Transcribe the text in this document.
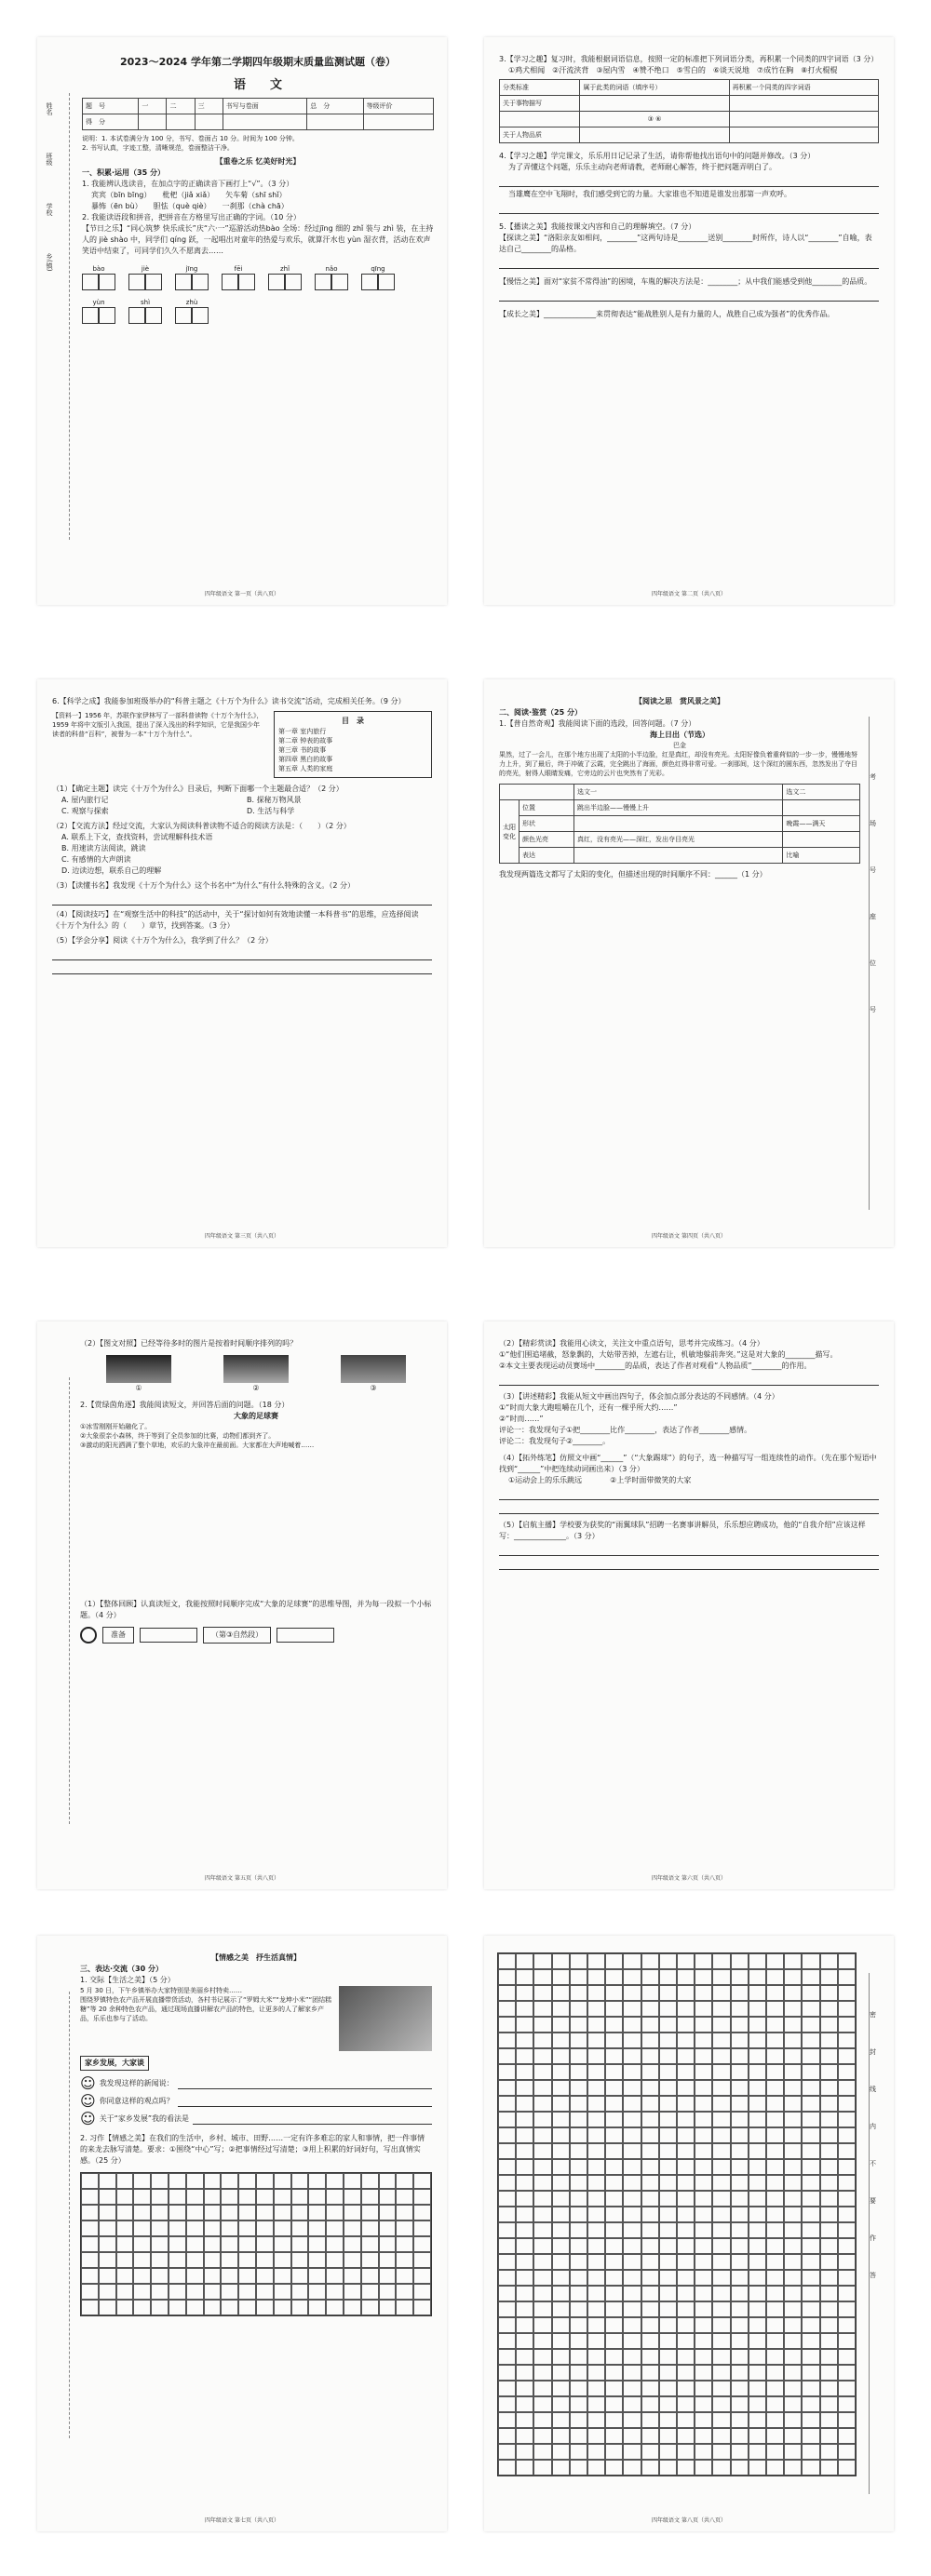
姓名
班级
学校
乡(镇)
2023～2024 学年第二学期四年级期末质量监测试题（卷）
语　　文
题　号	一	二	三	书写与卷面	总　分	等级评价
得　分						
说明：1. 本试卷满分为 100 分，书写、卷面占 10 分。时间为 100 分钟。
2. 书写认真，字迹工整，清晰规范，卷面整洁干净。
【重卷之乐 忆美好时光】
一、积累·运用（35 分）
1. 我能辨认选读音，在加点字的正确读音下画打上“√”。（3 分）
宾宾（bīn bīng）　　枇杷（jiǎ xiǎ）　　矢车菊（shī shǐ）
暴怖（ēn bù）　　胆怯（què qiè）　　一刹那（chà chā）
2. 我能读语段和拼音，把拼音在方格里写出正确的字词。（10 分）
【节日之乐】“同心筑梦 快乐成长”庆“六·一”巡游活动热bào 全场：经过jīng 细的 zhǐ 装与 zhì 装，在主持人的 jiè shào 中，同学们 qíng 跃，一起唱出对童年的热爱与欢乐，就算汗水也 yùn 湿衣背，活动在欢声笑语中结束了，可同学们久久不愿离去……
bào	jiè	jīng	fēi	zhǐ	nǎo	qīng
yùn	shì	zhù
四年级语文 第一页（共八页）
3.【学习之趣】复习时，我能根据词语信息，按照一定的标准把下列词语分类，再积累一个同类的四字词语（3 分）
①鸡犬相闻　②汗流浃背　③屋内雪　④赞不绝口　⑤雪白的　⑥谈天说地　⑦成竹在胸　⑧打火棍棍
分类标准	属于此类的词语（填序号）	再积累一个同类的四字词语
关于事物描写		
	③ ⑥	
关于人物品质		
4.【学习之趣】学完课文，乐乐用日记记录了生活，请你帮他找出语句中的问题并修改。（3 分）
为了弄懂这个问题，乐乐主动向老师请教，老师耐心解答，终于把问题弄明白了。
当雄鹰在空中飞翔时，我们感受到它的力量。大家谁也不知道是谁发出那第一声欢呼。
5.【播读之美】我能按课文内容和自己的理解填空。（7 分）
【探读之美】“洛阳亲友如相问，________”这两句诗是________送别________时所作，诗人以“________”自喻，表达自己________的品格。
【慢悟之美】面对“家贫不常得油”的困境，车胤的解决方法是：________；从中我们能感受到他________的品质。
【成长之美】______________来贯彻表达“能战胜别人是有力量的人，战胜自己成为强者”的优秀作品。
四年级语文 第二页（共八页）
6.【科学之成】我能参加班级举办的“科普主题之《十万个为什么》读书交流”活动，完成相关任务。（9 分）
【资料一】1956 年，苏联作家伊林写了一部科普读物《十万个为什么》，1959 年将中文版引入我国，提出了深入浅出的科学知识，它是我国少年读者的科普“百科”，被誉为一本“十万个为什么”。
目　录
第一章 室内旅行
第二章 钟表的故事
第三章 书的故事
第四章 黑白的故事
第五章 人类的家庭
（1）【确定主题】读完《十万个为什么》目录后，判断下面哪一个主题最合适？（2 分）
A. 屋内旅行记	B. 探秘万物风景
C. 观察与探索	D. 生活与科学
（2）【交流方法】经过交流，大家认为阅读科普读物不适合的阅读方法是：（　　）（2 分）
A. 联系上下文，查找资料，尝试理解科技术语
B. 用速读方法阅读，跳读
C. 有感情的大声朗读
D. 边读边想，联系自己的理解
（3）【读懂书名】我发现《十万个为什么》这个书名中“为什么”有什么特殊的含义。（2 分）
（4）【阅读技巧】在“观察生活中的科技”的活动中，关于“探讨如何有效地读懂一本科普书”的思维，应选择阅读《十万个为什么》的（　　）章节，找到答案。（3 分）
（5）【学会分享】阅读《十万个为什么》，我学到了什么？（2 分）
四年级语文 第三页（共八页）
【阅读之思　赏风景之美】
二、阅读·鉴赏（25 分）
1.【普自然奇观】我能阅读下面的选段，回答问题。（7 分）
海上日出（节选）
巴金
果然，过了一会儿，在那个地方出现了太阳的小半边脸，红是真红，却没有亮光。太阳好像负着重荷似的一步一步，慢慢地努力上升，到了最后，终于冲破了云霞，完全跳出了海面，颜色红得非常可爱。一刹那间，这个深红的圆东西，忽然发出了夺目的亮光，射得人眼睛发痛，它旁边的云片也突然有了光彩。
		选文一	选文二
太阳变化	位置	跳出半边脸——慢慢上升	
	形状		晚霞——满天
	颜色光亮	真红，没有亮光——深红，发出夺目亮光	
	表达		比喻
我发现两篇选文都写了太阳的变化，但描述出现的时间顺序不同：______（1 分）
考
场
号
座
位
号
四年级语文 第四页（共八页）
（2）【图文对照】已经等待多时的图片是按着时间顺序排列的吗？
①	②	③
2.【赏绿茵角逐】我能阅读短文，并回答后面的问题。（18 分）
大象的足球赛
①冰雪刚刚开始融化了。
②大象很亲小森林，终于等到了全员参加的比赛，动物们都到齐了。
③激动的阳光洒满了整个草地，欢乐的大象冲在最前面。大家都在大声地喊着……
（1）【整体回顾】认真读短文，我能按照时间顺序完成“大象的足球赛”的思维导图，并为每一段拟一个小标题。（4 分）
准备	（第③自然段）
四年级语文 第五页（共八页）
（2）【精彩赏读】我能用心读文，关注文中重点语句，思考并完成练习。（4 分）
①“他们围追堵截，怒象飘的，大姑带苦掉，左遮右让，机敏地躲前奔突。”这是对大象的________描写。
②本文主要表现运动员赛场中________的品质，表达了作者对观看“人物品质”________的作用。
（3）【讲述精彩】我能从短文中画出四句子，体会加点部分表达的不同感情。（4 分）
①“时而大象大跑咀嚼在几个，还有一棵乎所大约……”
②“时而……”
评论一：我发现句子①把________比作________，表达了作者________感情。
评论二：我发现句子②________。
（4）【拓外练笔】仿照文中画“______”（“大象踢球”）的句子，选一种描写写一组连续性的动作。（先在那个短语中找到“______”中把连续动词画出来）（3 分）
①运动会上的乐乐跳远	②上学时面带微笑的大家
（5）【启航主播】学校要为获奖的“雨翼球队”招聘一名赛事讲解员，乐乐想应聘成功，他的“自我介绍”应该这样写：______________。（3 分）
四年级语文 第六页（共八页）
【情感之美　抒生活真情】
三、表达·交流（30 分）
1. 交际【生活之美】（5 分）
5 月 30 日，下午乡镇举办大家特别是美丽乡村特卖……
围绕罗镇特色农产品开展直播带货活动，各村书记展示了“罗姆大米”“龙坤小米”“团结糕糖”等 20 余种特色农产品，通过现场直播讲解农产品的特色，让更多的人了解家乡产品，乐乐也参与了活动。
家乡发展，大家谈
☺ 我发现这样的新闻说：
☺ 你同意这样的观点吗？
☺ 关于“家乡发展”我的看法是
2. 习作【情感之美】在我们的生活中，乡村、城市、田野……一定有许多难忘的家人和事情，把一件事情的来龙去脉写清楚。要求：①围绕“中心”写；②把事情经过写清楚；③用上积累的好词好句，写出真情实感。（25 分）
四年级语文 第七页（共八页）
密
封
线
内
不
要
作
答
四年级语文 第八页（共八页）
